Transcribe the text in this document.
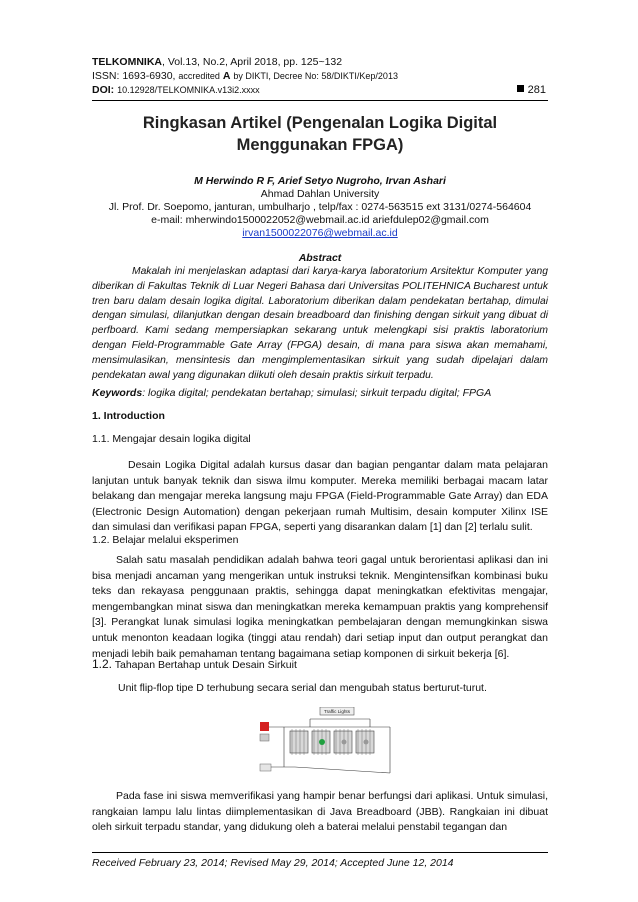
TELKOMNIKA, Vol.13, No.2, April 2018, pp. 125~132
ISSN: 1693-6930, accredited A by DIKTI, Decree No: 58/DIKTI/Kep/2013
DOI: 10.12928/TELKOMNIKA.v13i2.xxxx	281
Ringkasan Artikel (Pengenalan Logika Digital Menggunakan FPGA)
M Herwindo R F, Arief Setyo Nugroho, Irvan Ashari
Ahmad Dahlan University
Jl. Prof. Dr. Soepomo, janturan, umbulharjo , telp/fax : 0274-563515 ext 3131/0274-564604
e-mail: mherwindo1500022052@webmail.ac.id ariefdulep02@gmail.com
irvan1500022076@webmail.ac.id
Abstract

Makalah ini menjelaskan adaptasi dari karya-karya laboratorium Arsitektur Komputer yang diberikan di Fakultas Teknik di Luar Negeri Bahasa dari Universitas POLITEHNICA Bucharest untuk tren baru dalam desain logika digital. Laboratorium diberikan dalam pendekatan bertahap, dimulai dengan simulasi, dilanjutkan dengan desain breadboard dan finishing dengan sirkuit yang dibuat di perfboard. Kami sedang mempersiapkan sekarang untuk melengkapi sisi praktis laboratorium dengan Field-Programmable Gate Array (FPGA) desain, di mana para siswa akan memahami, mensimulasikan, mensintesis dan mengimplementasikan sirkuit yang sudah dipelajari dalam pendekatan awal yang digunakan diikuti oleh desain praktis sirkuit terpadu.

Keywords: logika digital; pendekatan bertahap; simulasi; sirkuit terpadu digital; FPGA
1. Introduction
1.1. Mengajar desain logika digital

Desain Logika Digital adalah kursus dasar dan bagian pengantar dalam mata pelajaran lanjutan untuk banyak teknik dan siswa ilmu komputer. Mereka memiliki berbagai macam latar belakang dan mengajar mereka langsung maju FPGA (Field-Programmable Gate Array) dan EDA (Electronic Design Automation) dengan pekerjaan rumah Multisim, desain komputer Xilinx ISE dan simulasi dan verifikasi papan FPGA, seperti yang disarankan dalam [1] dan [2] terlalu sulit.

1.2. Belajar melalui eksperimen

Salah satu masalah pendidikan adalah bahwa teori gagal untuk berorientasi aplikasi dan ini bisa menjadi ancaman yang mengerikan untuk instruksi teknik. Mengintensifkan kombinasi buku teks dan rekayasa penggunaan praktis, sehingga dapat meningkatkan efektivitas mengajar, mengembangkan minat siswa dan meningkatkan mereka kemampuan praktis yang komprehensif [3]. Perangkat lunak simulasi logika meningkatkan pembelajaran dengan memungkinkan siswa untuk menonton keadaan logika (tinggi atau rendah) dari setiap input dan output perangkat dan menjadi lebih baik pemahaman tentang bagaimana setiap komponen di sirkuit bekerja [6].

1.2. Tahapan Bertahap untuk Desain Sirkuit
Unit flip-flop tipe D terhubung secara serial dan mengubah status berturut-turut.
Traffic Lights

Pada fase ini siswa memverifikasi yang hampir benar berfungsi dari aplikasi. Untuk simulasi, rangkaian lampu lalu lintas diimplementasikan di Java Breadboard (JBB). Rangkaian ini dibuat oleh sirkuit terpadu standar, yang didukung oleh a baterai melalui penstabil tegangan dan

Received February 23, 2014; Revised May 29, 2014; Accepted June 12, 2014
